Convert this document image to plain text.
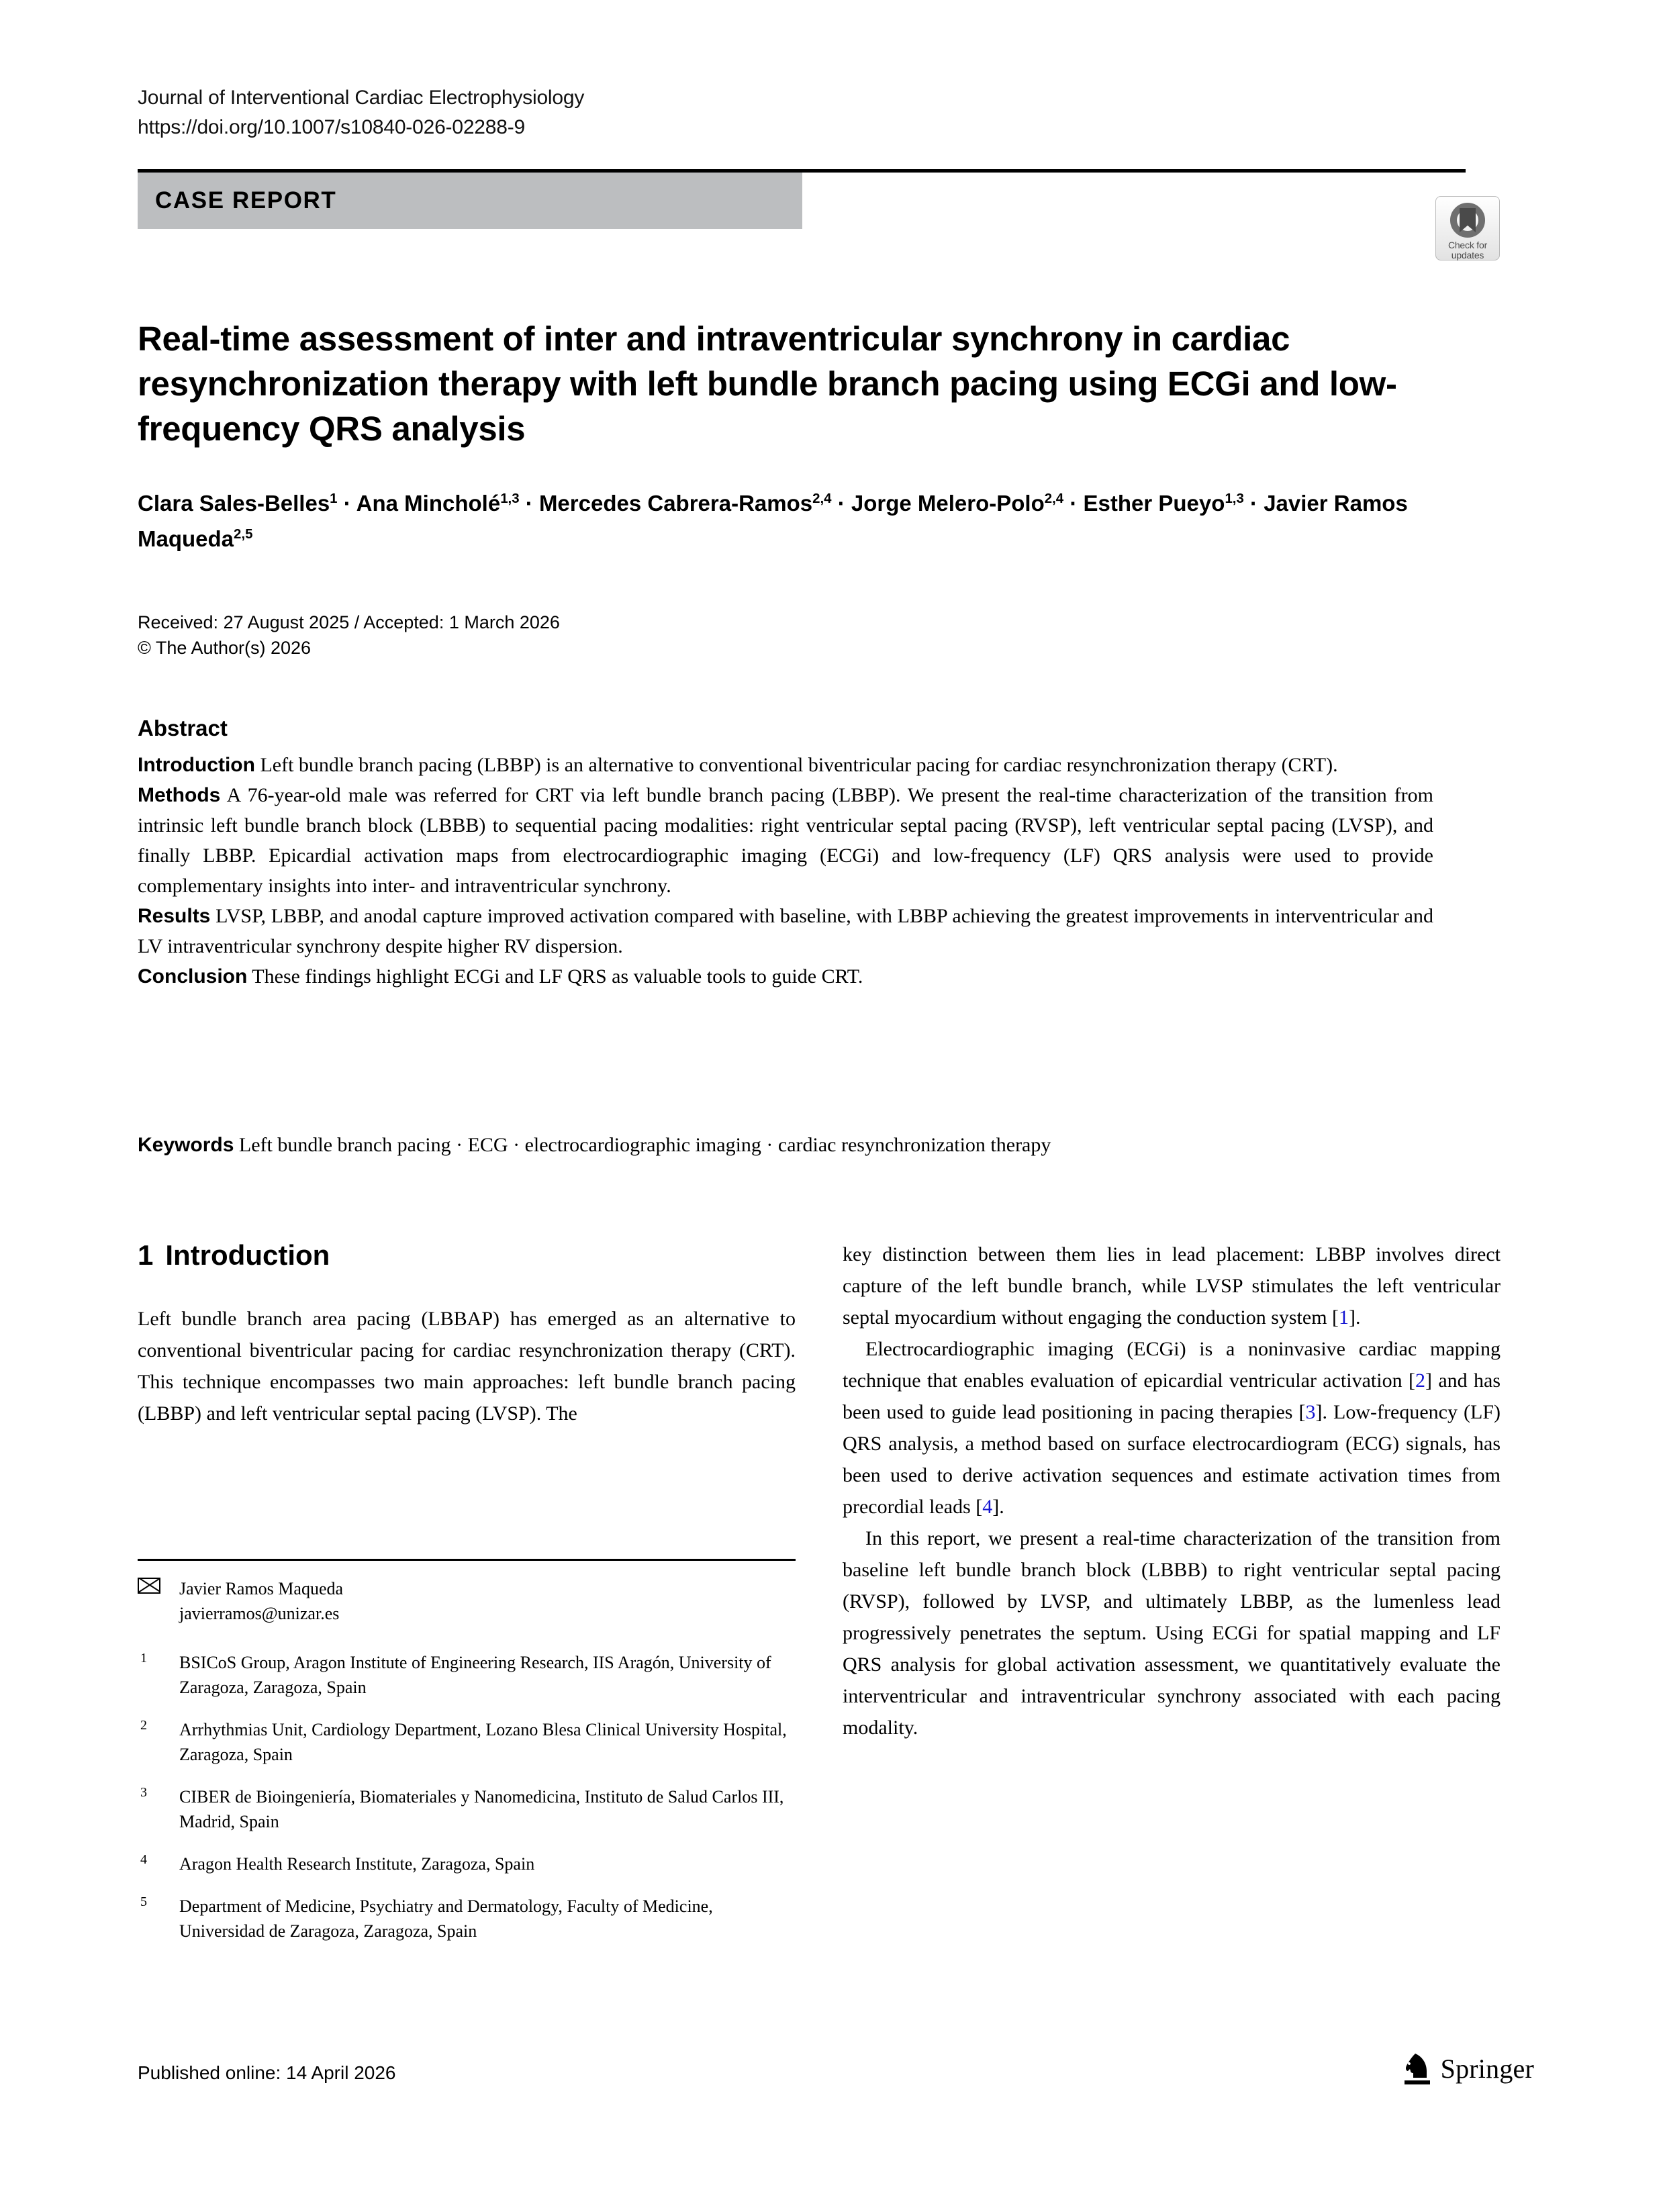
Journal of Interventional Cardiac Electrophysiology
https://doi.org/10.1007/s10840-026-02288-9
CASE REPORT
Check for
updates
Real-time assessment of inter and intraventricular synchrony in cardiac resynchronization therapy with left bundle branch pacing using ECGi and low-frequency QRS analysis
Clara Sales-Belles$^1$ · Ana Mincholé$^{1,3}$ · Mercedes Cabrera-Ramos$^{2,4}$ · Jorge Melero-Polo$^{2,4}$ · Esther Pueyo$^{1,3}$ · Javier Ramos Maqueda$^{2,5}$
Received: 27 August 2025 / Accepted: 1 March 2026
© The Author(s) 2026
Abstract

Introduction Left bundle branch pacing (LBBP) is an alternative to conventional biventricular pacing for cardiac resynchronization therapy (CRT).

Methods A 76-year-old male was referred for CRT via left bundle branch pacing (LBBP). We present the real-time characterization of the transition from intrinsic left bundle branch block (LBBB) to sequential pacing modalities: right ventricular septal pacing (RVSP), left ventricular septal pacing (LVSP), and finally LBBP. Epicardial activation maps from electrocardiographic imaging (ECGi) and low-frequency (LF) QRS analysis were used to provide complementary insights into inter- and intraventricular synchrony.

Results LVSP, LBBP, and anodal capture improved activation compared with baseline, with LBBP achieving the greatest improvements in interventricular and LV intraventricular synchrony despite higher RV dispersion.

Conclusion These findings highlight ECGi and LF QRS as valuable tools to guide CRT.

Keywords Left bundle branch pacing · ECG · electrocardiographic imaging · cardiac resynchronization therapy
1 Introduction

Left bundle branch area pacing (LBBAP) has emerged as an alternative to conventional biventricular pacing for cardiac resynchronization therapy (CRT). This technique encompasses two main approaches: left bundle branch pacing (LBBP) and left ventricular septal pacing (LVSP). The

key distinction between them lies in lead placement: LBBP involves direct capture of the left bundle branch, while LVSP stimulates the left ventricular septal myocardium without engaging the conduction system [1].

Electrocardiographic imaging (ECGi) is a noninvasive cardiac mapping technique that enables evaluation of epicardial ventricular activation [2] and has been used to guide lead positioning in pacing therapies [3]. Low-frequency (LF) QRS analysis, a method based on surface electrocardiogram (ECG) signals, has been used to derive activation sequences and estimate activation times from precordial leads [4].

In this report, we present a real-time characterization of the transition from baseline left bundle branch block (LBBB) to right ventricular septal pacing (RVSP), followed by LVSP, and ultimately LBBP, as the lumenless lead progressively penetrates the septum. Using ECGi for spatial mapping and LF QRS analysis for global activation assessment, we quantitatively evaluate the interventricular and intraventricular synchrony associated with each pacing modality.

Javier Ramos Maqueda
javierramos@unizar.es
1 BSICoS Group, Aragon Institute of Engineering Research, IIS Aragón, University of Zaragoza, Zaragoza, Spain
2 Arrhythmias Unit, Cardiology Department, Lozano Blesa Clinical University Hospital, Zaragoza, Spain
3 CIBER de Bioingeniería, Biomateriales y Nanomedicina, Instituto de Salud Carlos III, Madrid, Spain
4 Aragon Health Research Institute, Zaragoza, Spain
5 Department of Medicine, Psychiatry and Dermatology, Faculty of Medicine, Universidad de Zaragoza, Zaragoza, Spain
Published online: 14 April 2026	Springer
